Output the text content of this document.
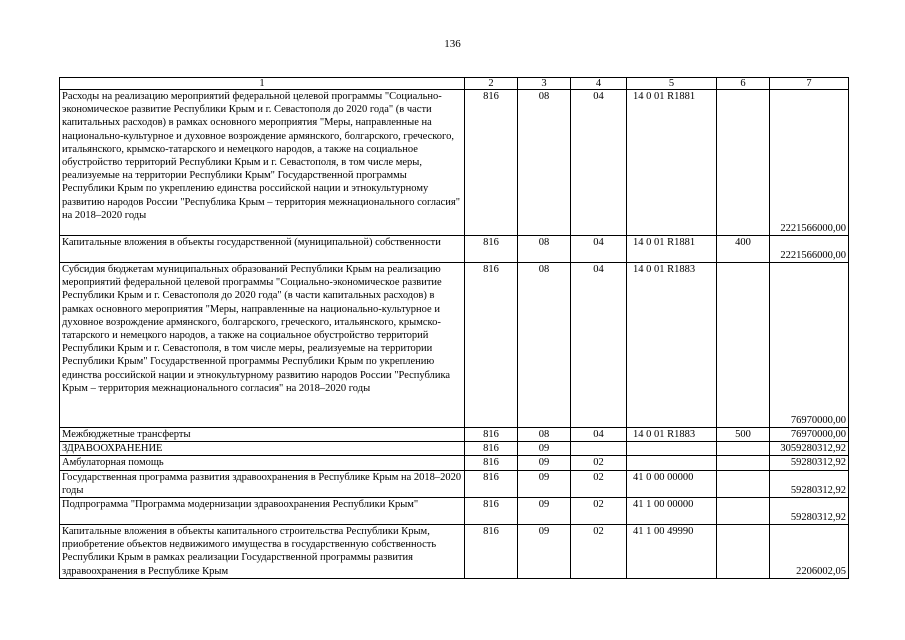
136
1	2	3	4	5	6	7
Расходы на реализацию мероприятий федеральной целевой программы "Социально-экономическое развитие Республики Крым и г. Севастополя до 2020 года" (в части капитальных расходов) в рамках основного мероприятия "Меры, направленные на национально-культурное и духовное возрождение армянского, болгарского, греческого, итальянского, крымско-татарского и немецкого народов, а также на социальное обустройство территорий Республики Крым и г. Севастополя, в том числе меры, реализуемые на территории Республики Крым" Государственной программы Республики Крым по укреплению единства российской нации и этнокультурному развитию народов России "Республика Крым – территория межнационального согласия" на 2018–2020 годы	816	08	04	14 0 01 R1881		2221566000,00
Капитальные вложения в объекты государственной (муниципальной) собственности	816	08	04	14 0 01 R1881	400	2221566000,00
Субсидия бюджетам муниципальных образований Республики Крым на реализацию мероприятий федеральной целевой программы "Социально-экономическое развитие Республики Крым и г. Севастополя до 2020 года" (в части капитальных расходов) в рамках основного мероприятия "Меры, направленные на национально-культурное и духовное возрождение армянского, болгарского, греческого, итальянского, крымско-татарского и немецкого народов, а также на социальное обустройство территорий Республики Крым и г. Севастополя, в том числе меры, реализуемые на территории Республики Крым" Государственной программы Республики Крым по укреплению единства российской нации и этнокультурному развитию народов России "Республика Крым – территория межнационального согласия" на 2018–2020 годы	816	08	04	14 0 01 R1883		76970000,00
Межбюджетные трансферты	816	08	04	14 0 01 R1883	500	76970000,00
ЗДРАВООХРАНЕНИЕ	816	09				3059280312,92
Амбулаторная помощь	816	09	02			59280312,92
Государственная программа развития здравоохранения в Республике Крым на 2018–2020 годы	816	09	02	41 0 00 00000		59280312,92
Подпрограмма "Программа модернизации здравоохранения Республики Крым"	816	09	02	41 1 00 00000		59280312,92
Капитальные вложения в объекты капитального строительства Республики Крым, приобретение объектов недвижимого имущества в государственную собственность Республики Крым в рамках реализации Государственной программы развития здравоохранения в Республике Крым	816	09	02	41 1 00 49990		2206002,05
